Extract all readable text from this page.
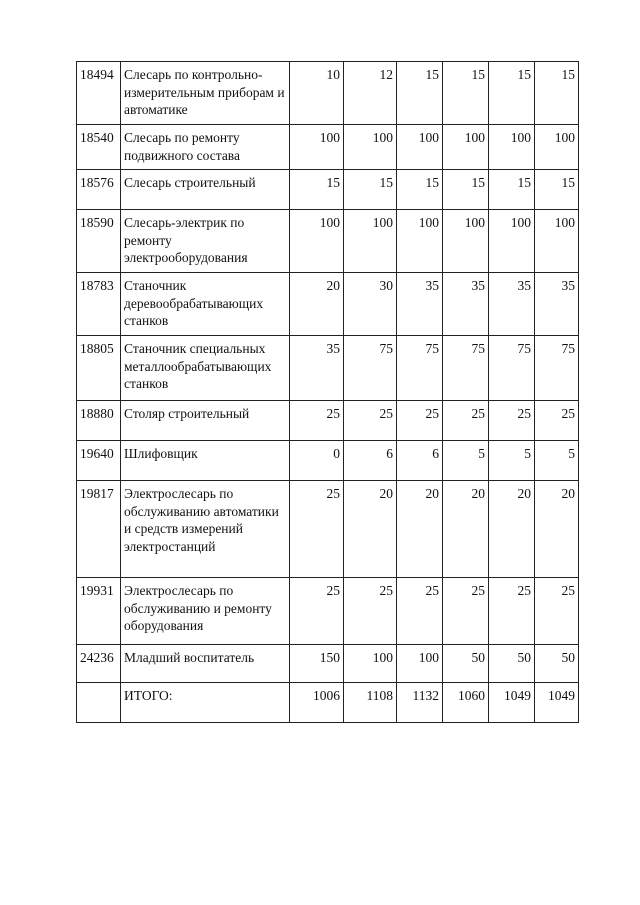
18494	Слесарь по контрольно-измерительным приборам и автоматике	10	12	15	15	15	15
18540	Слесарь по ремонту подвижного состава	100	100	100	100	100	100
18576	Слесарь строительный	15	15	15	15	15	15
18590	Слесарь-электрик по ремонту электрооборудования	100	100	100	100	100	100
18783	Станочник деревообрабатывающих станков	20	30	35	35	35	35
18805	Станочник специальных металлообрабатывающих станков	35	75	75	75	75	75
18880	Столяр строительный	25	25	25	25	25	25
19640	Шлифовщик	0	6	6	5	5	5
19817	Электрослесарь по обслуживанию автоматики и средств измерений электростанций	25	20	20	20	20	20
19931	Электрослесарь по обслуживанию и ремонту оборудования	25	25	25	25	25	25
24236	Младший воспитатель	150	100	100	50	50	50
	ИТОГО:	1006	1108	1132	1060	1049	1049
